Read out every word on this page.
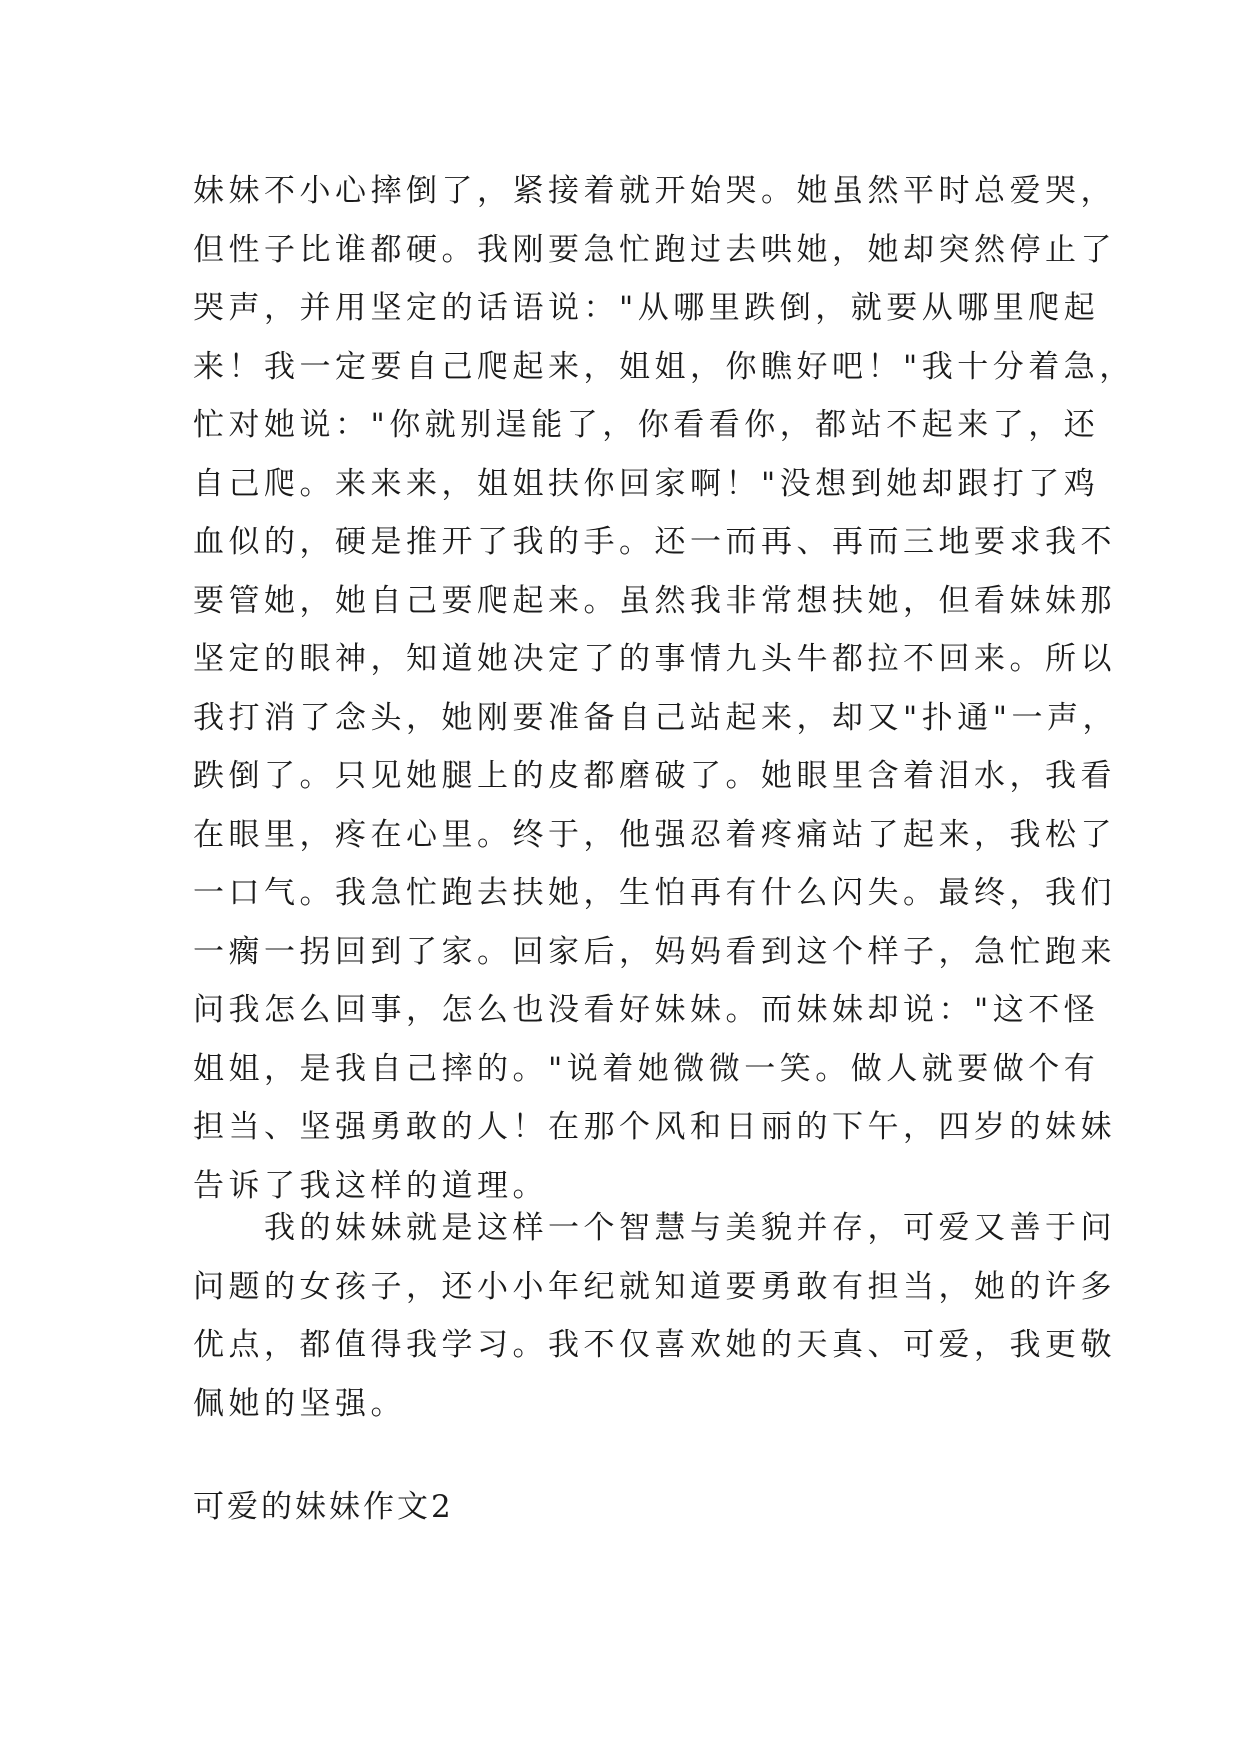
妹妹不小心摔倒了，紧接着就开始哭。她虽然平时总爱哭，
但性子比谁都硬。我刚要急忙跑过去哄她，她却突然停止了
哭声，并用坚定的话语说："从哪里跌倒，就要从哪里爬起
来！我一定要自己爬起来，姐姐，你瞧好吧！"我十分着急，
忙对她说："你就别逞能了，你看看你，都站不起来了，还
自己爬。来来来，姐姐扶你回家啊！"没想到她却跟打了鸡
血似的，硬是推开了我的手。还一而再、再而三地要求我不
要管她，她自己要爬起来。虽然我非常想扶她，但看妹妹那
坚定的眼神，知道她决定了的事情九头牛都拉不回来。所以
我打消了念头，她刚要准备自己站起来，却又"扑通"一声，
跌倒了。只见她腿上的皮都磨破了。她眼里含着泪水，我看
在眼里，疼在心里。终于，他强忍着疼痛站了起来，我松了
一口气。我急忙跑去扶她，生怕再有什么闪失。最终，我们
一瘸一拐回到了家。回家后，妈妈看到这个样子，急忙跑来
问我怎么回事，怎么也没看好妹妹。而妹妹却说："这不怪
姐姐，是我自己摔的。"说着她微微一笑。做人就要做个有
担当、坚强勇敢的人！在那个风和日丽的下午，四岁的妹妹
告诉了我这样的道理。
　　我的妹妹就是这样一个智慧与美貌并存，可爱又善于问
问题的女孩子，还小小年纪就知道要勇敢有担当，她的许多
优点，都值得我学习。我不仅喜欢她的天真、可爱，我更敬
佩她的坚强。
可爱的妹妹作文2
